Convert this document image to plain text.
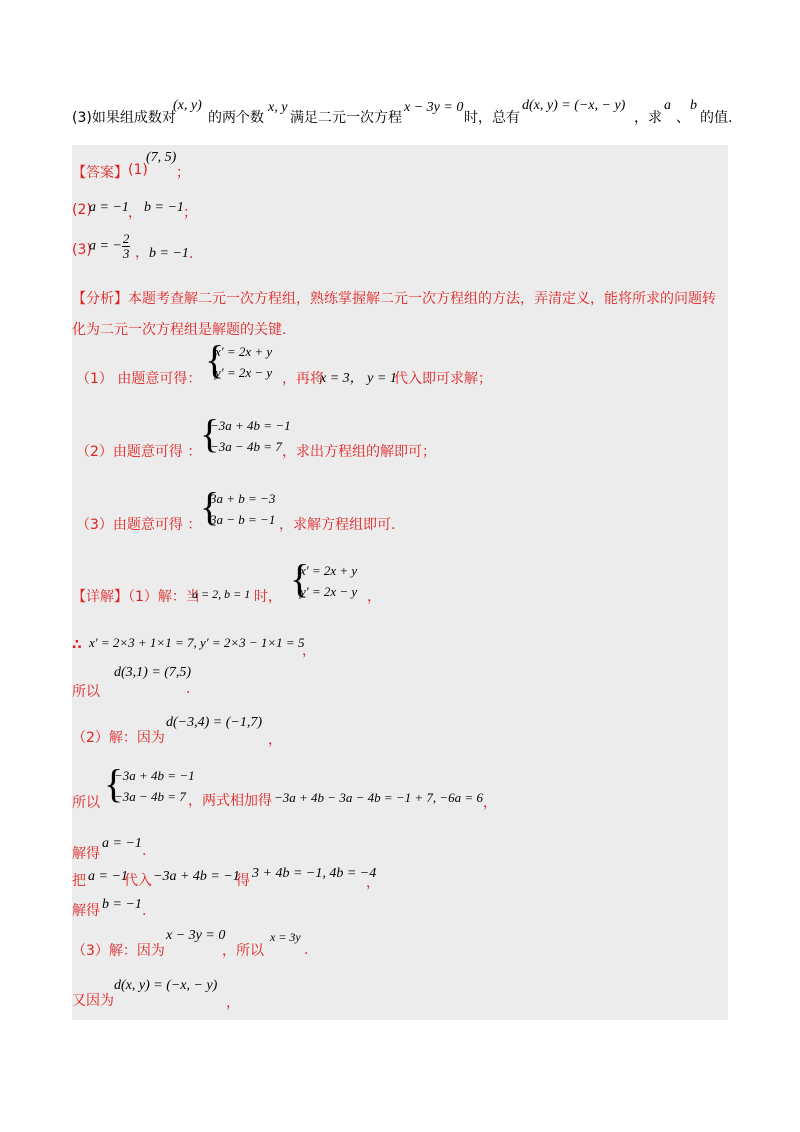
(3)如果组成数对
(x, y)
的两个数
x, y
满足二元一次方程
x − 3y = 0
时，总有
d(x, y) = (−x, − y)
，求
a
、
b
的值.
【答案】 (1)
(7, 5)
；
(2)
a = −1 ， b = −1 ；
(3)
a = − $\frac{2}{3}$ ， b = −1 .
【分析】本题考查解二元一次方程组，熟练掌握解二元一次方程组的方法，弄清定义，能将所求的问题转
化为二元一次方程组是解题的关键.
（1） 由题意可得： {
x′ = 2x + y
y′ = 2x − y ，再将
x = 3， y = 1
代入即可求解；
（2）由题意可得 ：
{
−3a + 4b = −1
−3a − 4b = 7 ，求出方程组的解即可；
（3）由题意可得 ：
{
3a + b = −3
3a − b = −1 ，求解方程组即可.
【详解】（1）解：当
a = 2, b = 1 时， {
x′ = 2x + y
y′ = 2x − y ，
∴ x′ = 2×3 + 1×1 = 7, y′ = 2×3 − 1×1 = 5
，
所以
d(3,1) = (7,5)
.
（2）解：因为
d(−3,4) = (−1,7)
，
{
−3a + 4b = −1
−3a − 4b = 7
所以	，两式相加得 −3a + 4b − 3a − 4b = −1 + 7, −6a = 6 ，
解得
a = −1 .
把 a = −1
代入 −3a + 4b = −1
得 3 + 4b = −1, 4b = −4
，
解得 b = −1 .
（3）解：因为
x − 3y = 0
，所以
x = 3y
.
又因为
d(x, y) = (−x, − y)
，
